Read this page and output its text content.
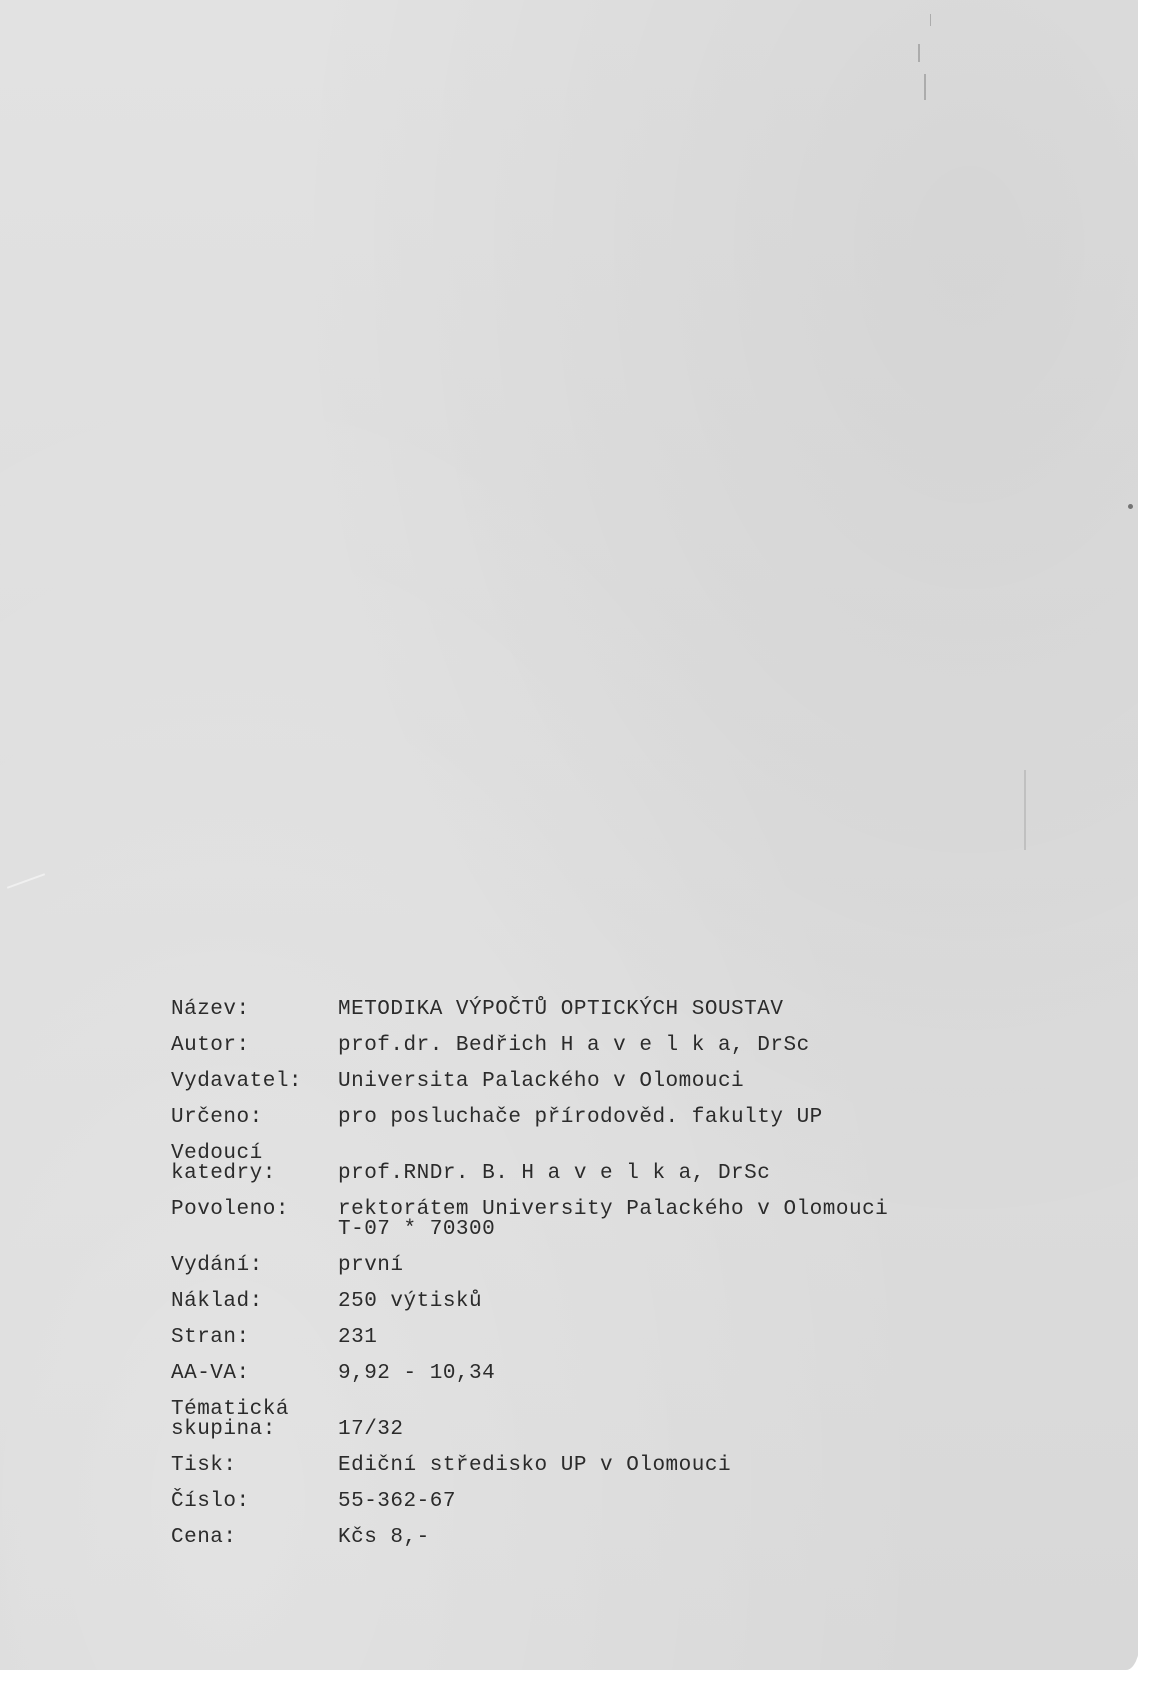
Název:	METODIKA VÝPOČTŮ OPTICKÝCH SOUSTAV
Autor:	prof.dr. Bedřich H a v e l k a, DrSc
Vydavatel:	Universita Palackého v Olomouci
Určeno:	pro posluchače přírodověd. fakulty UP
Vedoucí
katedry:	prof.RNDr. B. H a v e l k a, DrSc
Povoleno:	rektorátem University Palackého v Olomouci
T-07 * 70300
Vydání:	první
Náklad:	250 výtisků
Stran:	231
AA-VA:	9,92 - 10,34
Tématická
skupina:	17/32
Tisk:	Ediční středisko UP v Olomouci
Číslo:	55-362-67
Cena:	Kčs 8,-
